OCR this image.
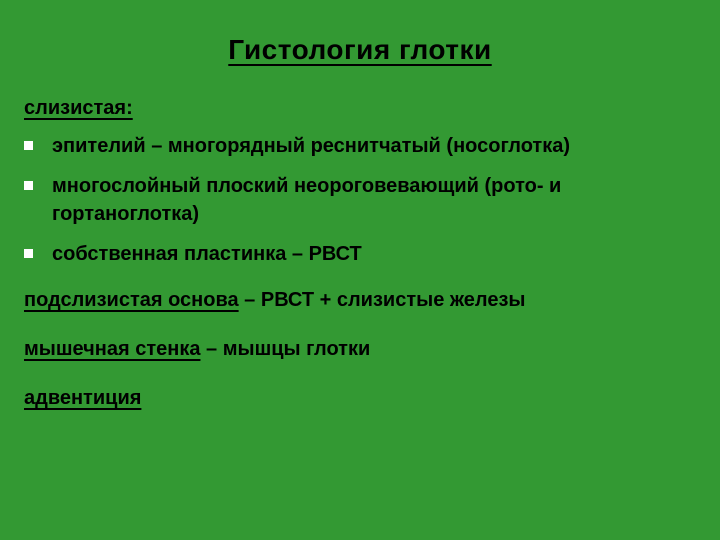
Гистология глотки
слизистая:
эпителий – многорядный реснитчатый (носоглотка)
многослойный плоский неороговевающий (рото- и гортаноглотка)
собственная пластинка – РВСТ

подслизистая основа – РВСТ + слизистые железы

мышечная стенка – мышцы глотки

адвентиция
